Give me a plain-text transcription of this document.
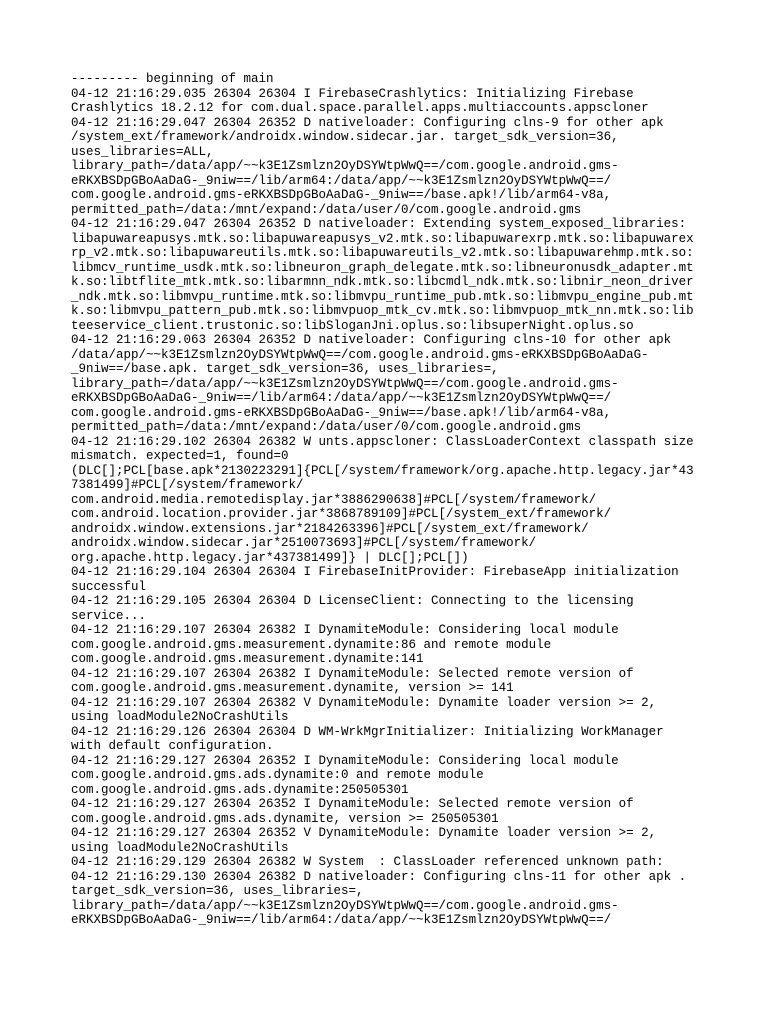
--------- beginning of main
04-12 21:16:29.035 26304 26304 I FirebaseCrashlytics: Initializing Firebase
Crashlytics 18.2.12 for com.dual.space.parallel.apps.multiaccounts.appscloner
04-12 21:16:29.047 26304 26352 D nativeloader: Configuring clns-9 for other apk
/system_ext/framework/androidx.window.sidecar.jar. target_sdk_version=36,
uses_libraries=ALL,
library_path=/data/app/~~k3E1Zsmlzn2OyDSYWtpWwQ==/com.google.android.gms-
eRKXBSDpGBoAaDaG-_9niw==/lib/arm64:/data/app/~~k3E1Zsmlzn2OyDSYWtpWwQ==/
com.google.android.gms-eRKXBSDpGBoAaDaG-_9niw==/base.apk!/lib/arm64-v8a,
permitted_path=/data:/mnt/expand:/data/user/0/com.google.android.gms
04-12 21:16:29.047 26304 26352 D nativeloader: Extending system_exposed_libraries:
libapuwareapusys.mtk.so:libapuwareapusys_v2.mtk.so:libapuwarexrp.mtk.so:libapuwarex
rp_v2.mtk.so:libapuwareutils.mtk.so:libapuwareutils_v2.mtk.so:libapuwarehmp.mtk.so:
libmcv_runtime_usdk.mtk.so:libneuron_graph_delegate.mtk.so:libneuronusdk_adapter.mt
k.so:libtflite_mtk.mtk.so:libarmnn_ndk.mtk.so:libcmdl_ndk.mtk.so:libnir_neon_driver
_ndk.mtk.so:libmvpu_runtime.mtk.so:libmvpu_runtime_pub.mtk.so:libmvpu_engine_pub.mt
k.so:libmvpu_pattern_pub.mtk.so:libmvpuop_mtk_cv.mtk.so:libmvpuop_mtk_nn.mtk.so:lib
teeservice_client.trustonic.so:libSloganJni.oplus.so:libsuperNight.oplus.so
04-12 21:16:29.063 26304 26352 D nativeloader: Configuring clns-10 for other apk
/data/app/~~k3E1Zsmlzn2OyDSYWtpWwQ==/com.google.android.gms-eRKXBSDpGBoAaDaG-
_9niw==/base.apk. target_sdk_version=36, uses_libraries=,
library_path=/data/app/~~k3E1Zsmlzn2OyDSYWtpWwQ==/com.google.android.gms-
eRKXBSDpGBoAaDaG-_9niw==/lib/arm64:/data/app/~~k3E1Zsmlzn2OyDSYWtpWwQ==/
com.google.android.gms-eRKXBSDpGBoAaDaG-_9niw==/base.apk!/lib/arm64-v8a,
permitted_path=/data:/mnt/expand:/data/user/0/com.google.android.gms
04-12 21:16:29.102 26304 26382 W unts.appscloner: ClassLoaderContext classpath size
mismatch. expected=1, found=0
(DLC[];PCL[base.apk*2130223291]{PCL[/system/framework/org.apache.http.legacy.jar*43
7381499]#PCL[/system/framework/
com.android.media.remotedisplay.jar*3886290638]#PCL[/system/framework/
com.android.location.provider.jar*3868789109]#PCL[/system_ext/framework/
androidx.window.extensions.jar*2184263396]#PCL[/system_ext/framework/
androidx.window.sidecar.jar*2510073693]#PCL[/system/framework/
org.apache.http.legacy.jar*437381499]} | DLC[];PCL[])
04-12 21:16:29.104 26304 26304 I FirebaseInitProvider: FirebaseApp initialization
successful
04-12 21:16:29.105 26304 26304 D LicenseClient: Connecting to the licensing
service...
04-12 21:16:29.107 26304 26382 I DynamiteModule: Considering local module
com.google.android.gms.measurement.dynamite:86 and remote module
com.google.android.gms.measurement.dynamite:141
04-12 21:16:29.107 26304 26382 I DynamiteModule: Selected remote version of
com.google.android.gms.measurement.dynamite, version >= 141
04-12 21:16:29.107 26304 26382 V DynamiteModule: Dynamite loader version >= 2,
using loadModule2NoCrashUtils
04-12 21:16:29.126 26304 26304 D WM-WrkMgrInitializer: Initializing WorkManager
with default configuration.
04-12 21:16:29.127 26304 26352 I DynamiteModule: Considering local module
com.google.android.gms.ads.dynamite:0 and remote module
com.google.android.gms.ads.dynamite:250505301
04-12 21:16:29.127 26304 26352 I DynamiteModule: Selected remote version of
com.google.android.gms.ads.dynamite, version >= 250505301
04-12 21:16:29.127 26304 26352 V DynamiteModule: Dynamite loader version >= 2,
using loadModule2NoCrashUtils
04-12 21:16:29.129 26304 26382 W System  : ClassLoader referenced unknown path:
04-12 21:16:29.130 26304 26382 D nativeloader: Configuring clns-11 for other apk .
target_sdk_version=36, uses_libraries=,
library_path=/data/app/~~k3E1Zsmlzn2OyDSYWtpWwQ==/com.google.android.gms-
eRKXBSDpGBoAaDaG-_9niw==/lib/arm64:/data/app/~~k3E1Zsmlzn2OyDSYWtpWwQ==/
